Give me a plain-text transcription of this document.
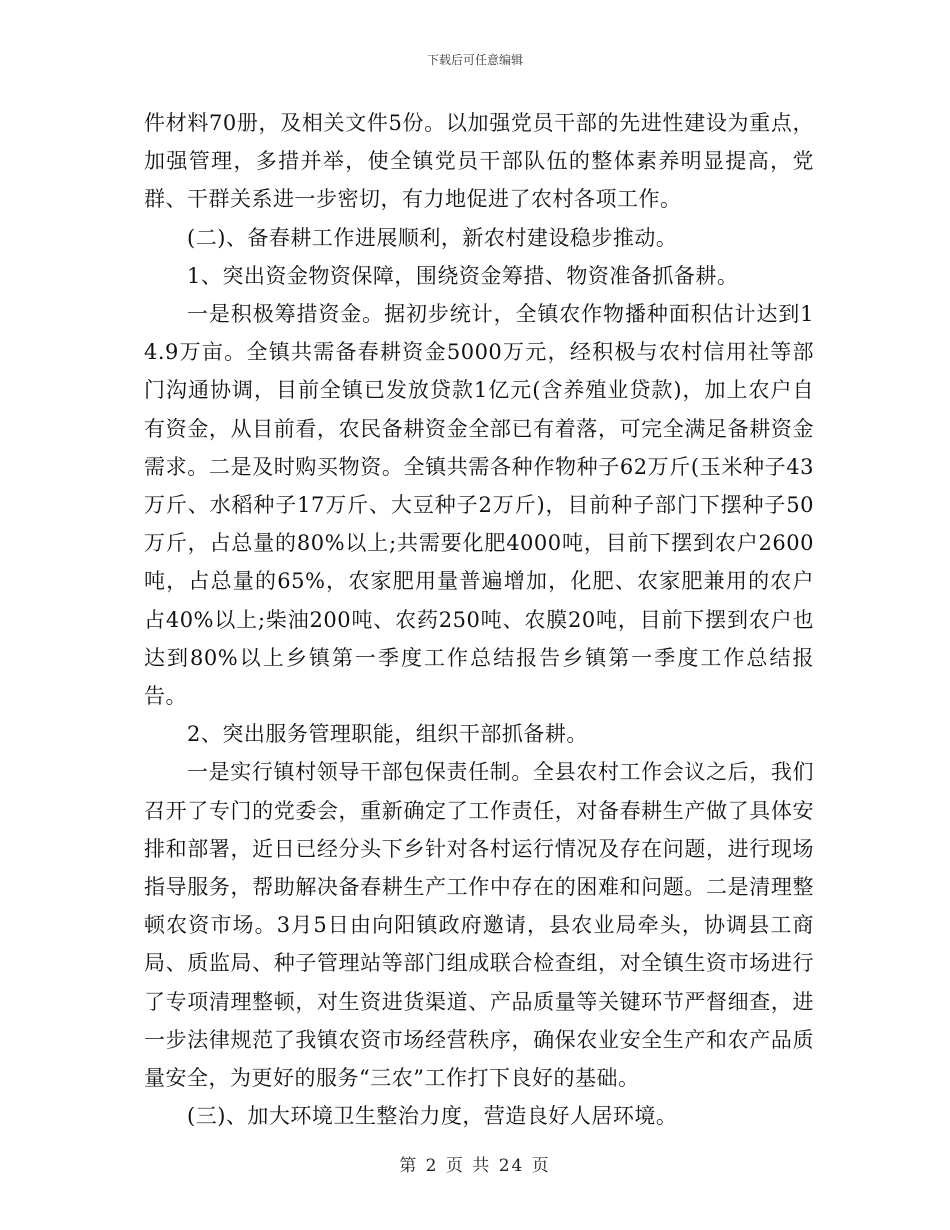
下载后可任意编辑

件材料70册，及相关文件5份。以加强党员干部的先进性建设为重点，加强管理，多措并举，使全镇党员干部队伍的整体素养明显提高，党群、干群关系进一步密切，有力地促进了农村各项工作。

(二)、备春耕工作进展顺利，新农村建设稳步推动。

1、突出资金物资保障，围绕资金筹措、物资准备抓备耕。

一是积极筹措资金。据初步统计，全镇农作物播种面积估计达到14.9万亩。全镇共需备春耕资金5000万元，经积极与农村信用社等部门沟通协调，目前全镇已发放贷款1亿元(含养殖业贷款)，加上农户自有资金，从目前看，农民备耕资金全部已有着落，可完全满足备耕资金需求。二是及时购买物资。全镇共需各种作物种子62万斤(玉米种子43万斤、水稻种子17万斤、大豆种子2万斤)，目前种子部门下摆种子50万斤，占总量的80%以上;共需要化肥4000吨，目前下摆到农户2600吨，占总量的65%，农家肥用量普遍增加，化肥、农家肥兼用的农户占40%以上;柴油200吨、农药250吨、农膜20吨，目前下摆到农户也达到80%以上乡镇第一季度工作总结报告乡镇第一季度工作总结报告。

2、突出服务管理职能，组织干部抓备耕。

一是实行镇村领导干部包保责任制。全县农村工作会议之后，我们召开了专门的党委会，重新确定了工作责任，对备春耕生产做了具体安排和部署，近日已经分头下乡针对各村运行情况及存在问题，进行现场指导服务，帮助解决备春耕生产工作中存在的困难和问题。二是清理整顿农资市场。3月5日由向阳镇政府邀请，县农业局牵头，协调县工商局、质监局、种子管理站等部门组成联合检查组，对全镇生资市场进行了专项清理整顿，对生资进货渠道、产品质量等关键环节严督细查，进一步法律规范了我镇农资市场经营秩序，确保农业安全生产和农产品质量安全，为更好的服务“三农”工作打下良好的基础。

(三)、加大环境卫生整治力度，营造良好人居环境。

第 2 页 共 24 页
